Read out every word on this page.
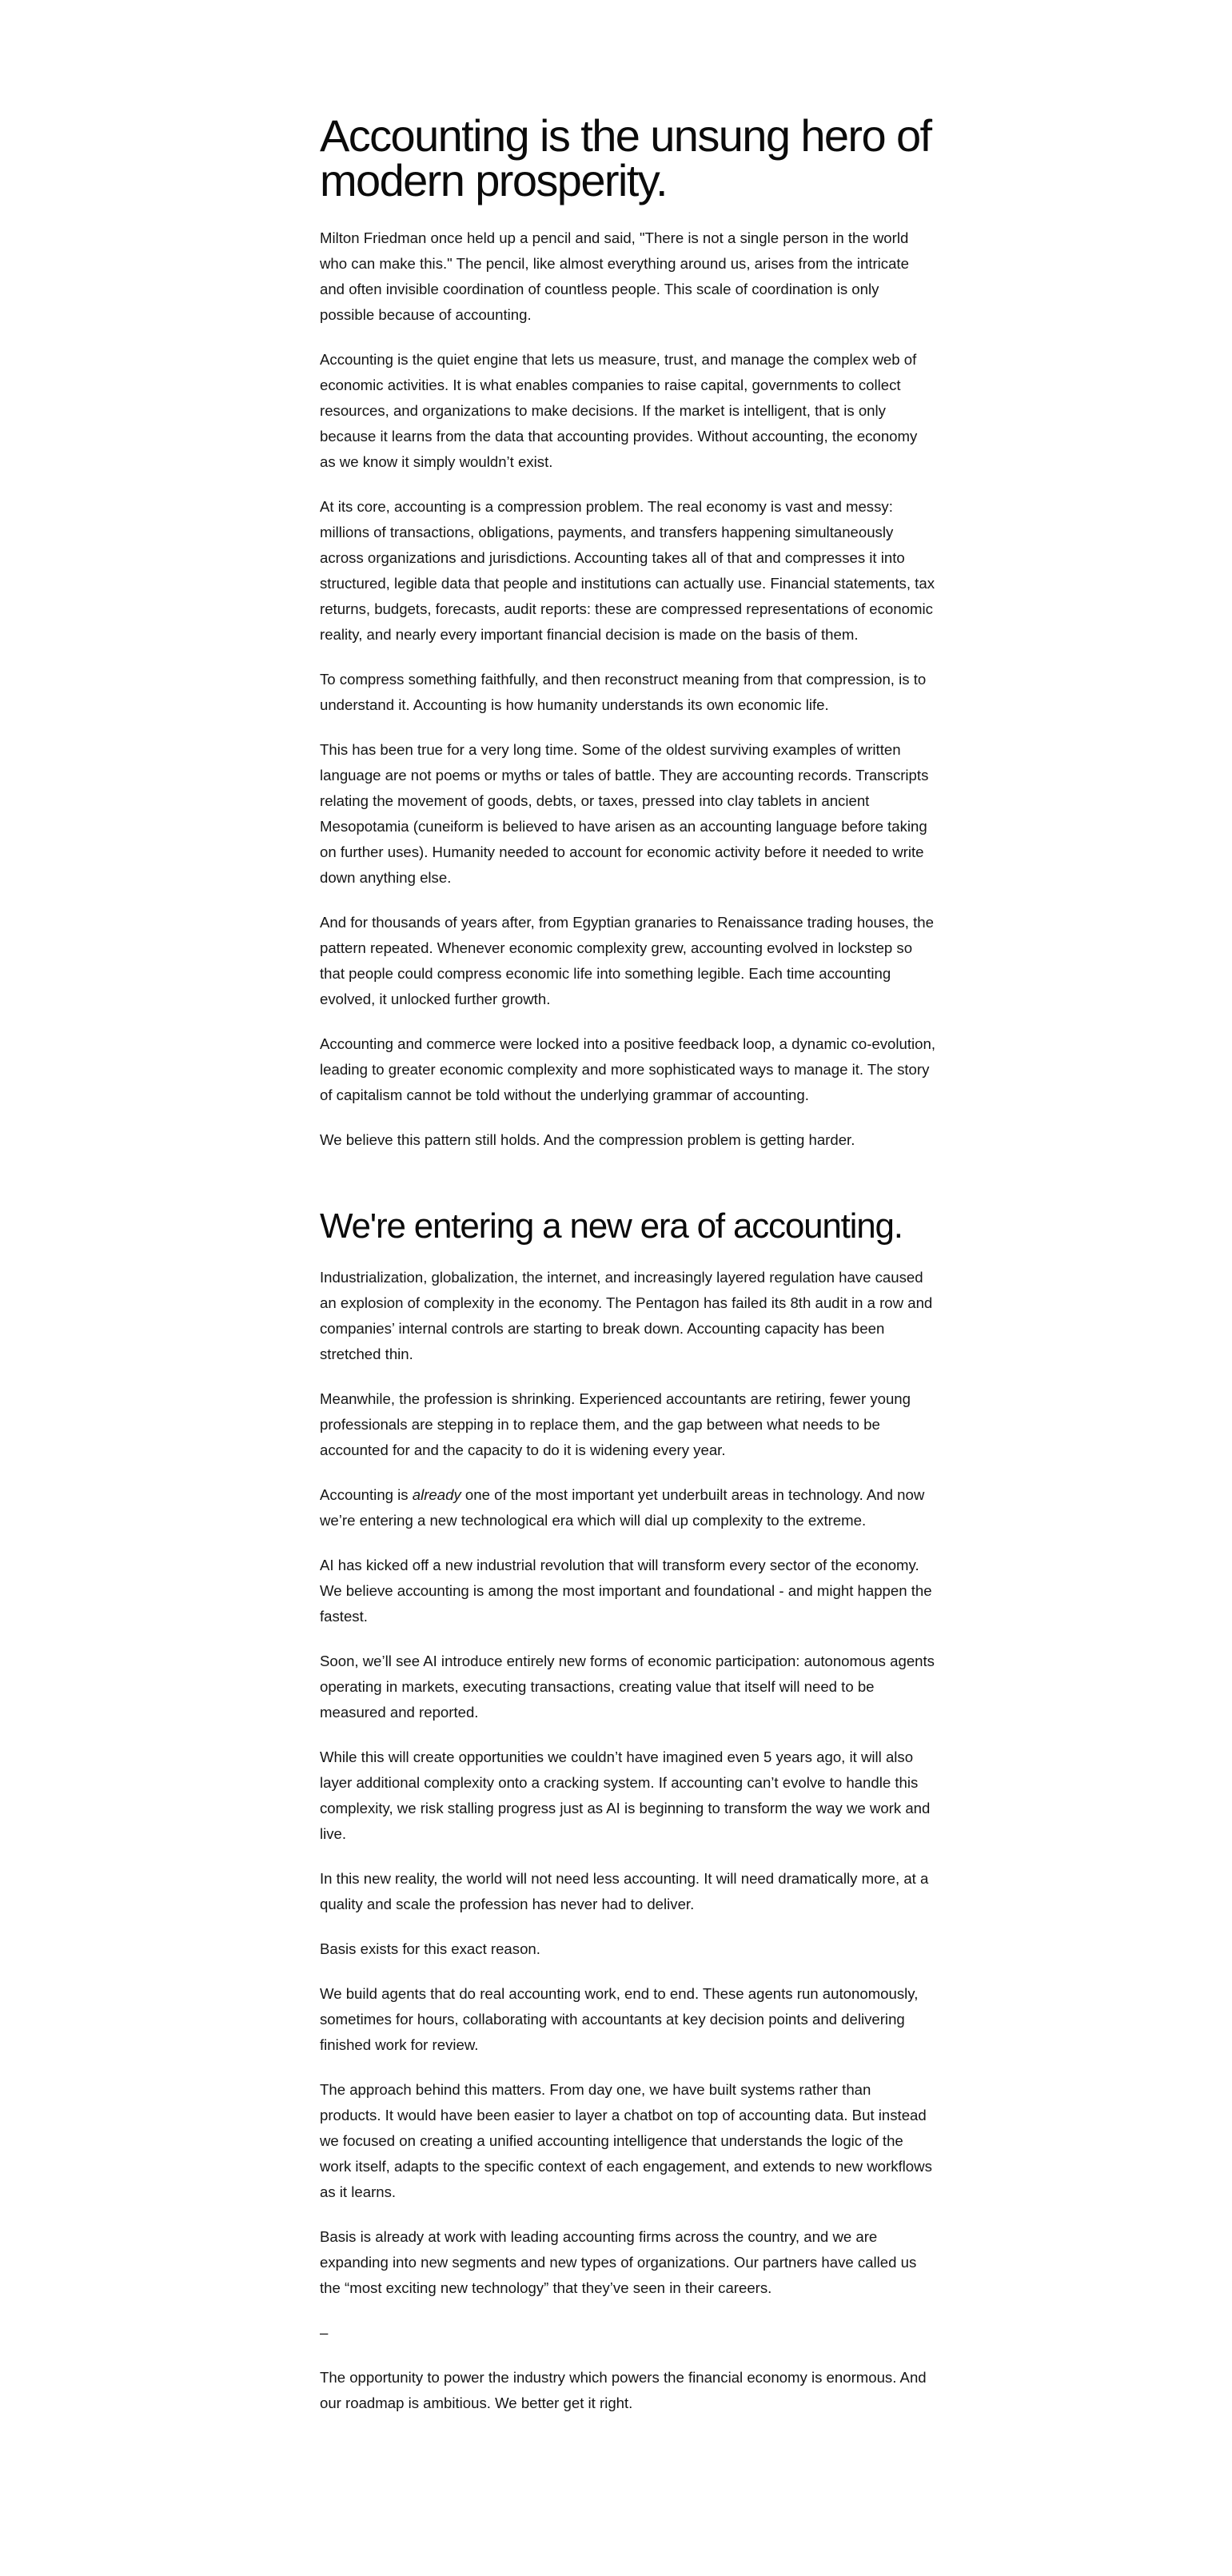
Accounting is the unsung hero of modern prosperity.

Milton Friedman once held up a pencil and said, "There is not a single person in the world who can make this." The pencil, like almost everything around us, arises from the intricate and often invisible coordination of countless people. This scale of coordination is only possible because of accounting.

Accounting is the quiet engine that lets us measure, trust, and manage the complex web of economic activities. It is what enables companies to raise capital, governments to collect resources, and organizations to make decisions. If the market is intelligent, that is only because it learns from the data that accounting provides. Without accounting, the economy as we know it simply wouldn’t exist.

At its core, accounting is a compression problem. The real economy is vast and messy: millions of transactions, obligations, payments, and transfers happening simultaneously across organizations and jurisdictions. Accounting takes all of that and compresses it into structured, legible data that people and institutions can actually use. Financial statements, tax returns, budgets, forecasts, audit reports: these are compressed representations of economic reality, and nearly every important financial decision is made on the basis of them.

To compress something faithfully, and then reconstruct meaning from that compression, is to understand it. Accounting is how humanity understands its own economic life.

This has been true for a very long time. Some of the oldest surviving examples of written language are not poems or myths or tales of battle. They are accounting records. Transcripts relating the movement of goods, debts, or taxes, pressed into clay tablets in ancient Mesopotamia (cuneiform is believed to have arisen as an accounting language before taking on further uses). Humanity needed to account for economic activity before it needed to write down anything else.

And for thousands of years after, from Egyptian granaries to Renaissance trading houses, the pattern repeated. Whenever economic complexity grew, accounting evolved in lockstep so that people could compress economic life into something legible. Each time accounting evolved, it unlocked further growth.

Accounting and commerce were locked into a positive feedback loop, a dynamic co-evolution, leading to greater economic complexity and more sophisticated ways to manage it. The story of capitalism cannot be told without the underlying grammar of accounting.

We believe this pattern still holds. And the compression problem is getting harder.

We're entering a new era of accounting.

Industrialization, globalization, the internet, and increasingly layered regulation have caused an explosion of complexity in the economy. The Pentagon has failed its 8th audit in a row and companies’ internal controls are starting to break down. Accounting capacity has been stretched thin.

Meanwhile, the profession is shrinking. Experienced accountants are retiring, fewer young professionals are stepping in to replace them, and the gap between what needs to be accounted for and the capacity to do it is widening every year.

Accounting is already one of the most important yet underbuilt areas in technology. And now we’re entering a new technological era which will dial up complexity to the extreme.

AI has kicked off a new industrial revolution that will transform every sector of the economy. We believe accounting is among the most important and foundational - and might happen the fastest.

Soon, we’ll see AI introduce entirely new forms of economic participation: autonomous agents operating in markets, executing transactions, creating value that itself will need to be measured and reported.

While this will create opportunities we couldn’t have imagined even 5 years ago, it will also layer additional complexity onto a cracking system. If accounting can’t evolve to handle this complexity, we risk stalling progress just as AI is beginning to transform the way we work and live.

In this new reality, the world will not need less accounting. It will need dramatically more, at a quality and scale the profession has never had to deliver.

Basis exists for this exact reason.

We build agents that do real accounting work, end to end. These agents run autonomously, sometimes for hours, collaborating with accountants at key decision points and delivering finished work for review.

The approach behind this matters. From day one, we have built systems rather than products. It would have been easier to layer a chatbot on top of accounting data. But instead we focused on creating a unified accounting intelligence that understands the logic of the work itself, adapts to the specific context of each engagement, and extends to new workflows as it learns.

Basis is already at work with leading accounting firms across the country, and we are expanding into new segments and new types of organizations. Our partners have called us the “most exciting new technology” that they’ve seen in their careers.

–

The opportunity to power the industry which powers the financial economy is enormous. And our roadmap is ambitious. We better get it right.
